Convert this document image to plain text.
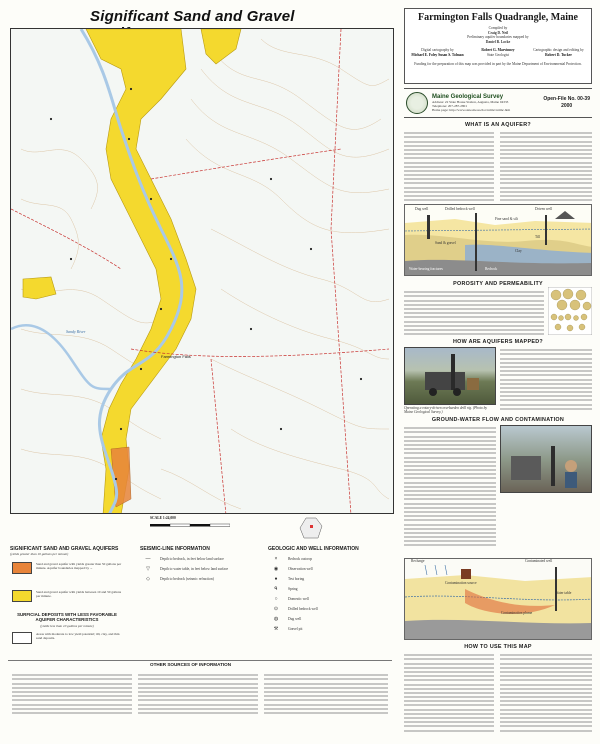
Significant Sand and Gravel
Farmington Falls
Sandy River
SCALE 1:24,000
Farmington Falls Quadrangle, Maine
Compiled by
Craig D. Neil
Preliminary aquifer boundaries mapped by
Daniel B. Locke
Digital cartography by
Michael E. Foley Susan S. Tolman
Robert G. Marvinney
State Geologist
Cartographic design and editing by
Robert D. Tucker
Funding for the preparation of this map was provided in part by the Maine Department of Environmental Protection.
Maine Geological Survey
Address: 22 State House Station, Augusta, Maine 04333
Telephone: 207-287-2801
Home page: http://www.state.me.us/doc/nrimc/nrimc.htm
Open-File No. 00-39
2000
WHAT IS AN AQUIFER?
Dug well	Drilled bedrock well	Driven well
Fine sand & silt
Sand & gravel
Till
Clay
Bedrock
Water-bearing fractures
POROSITY AND PERMEABILITY
HOW ARE AQUIFERS MAPPED?
Operating a rotary-driven overburden drill rig. (Photo by Maine Geological Survey.)
GROUND-WATER FLOW AND CONTAMINATION
Recharge	Contaminated well
Contamination source
Contamination plume
Water table
HOW TO USE THIS MAP
SIGNIFICANT SAND AND GRAVEL AQUIFERS
(yields greater than 10 gallons per minute)
Sand and gravel aquifer with yields greater than 50 gallons per minute. Aquifer boundaries mapped by ...
Sand and gravel aquifer with yields between 10 and 50 gallons per minute.
SURFICIAL DEPOSITS WITH LESS FAVORABLE AQUIFER CHARACTERISTICS
(yields less than 10 gallons per minute)
Areas with moderate to low yield potential; till, clay, and thin sand deposits.
SEISMIC-LINE INFORMATION
—	Depth to bedrock, in feet below land surface
▽	Depth to water table, in feet below land surface
◇	Depth to bedrock (seismic refraction)
GEOLOGIC AND WELL INFORMATION
×	Bedrock outcrop
◉	Observation well
●	Test boring
ᑫ	Spring
○	Domestic well
⊙	Drilled bedrock well
◍	Dug well
⚒	Gravel pit
OTHER SOURCES OF INFORMATION
